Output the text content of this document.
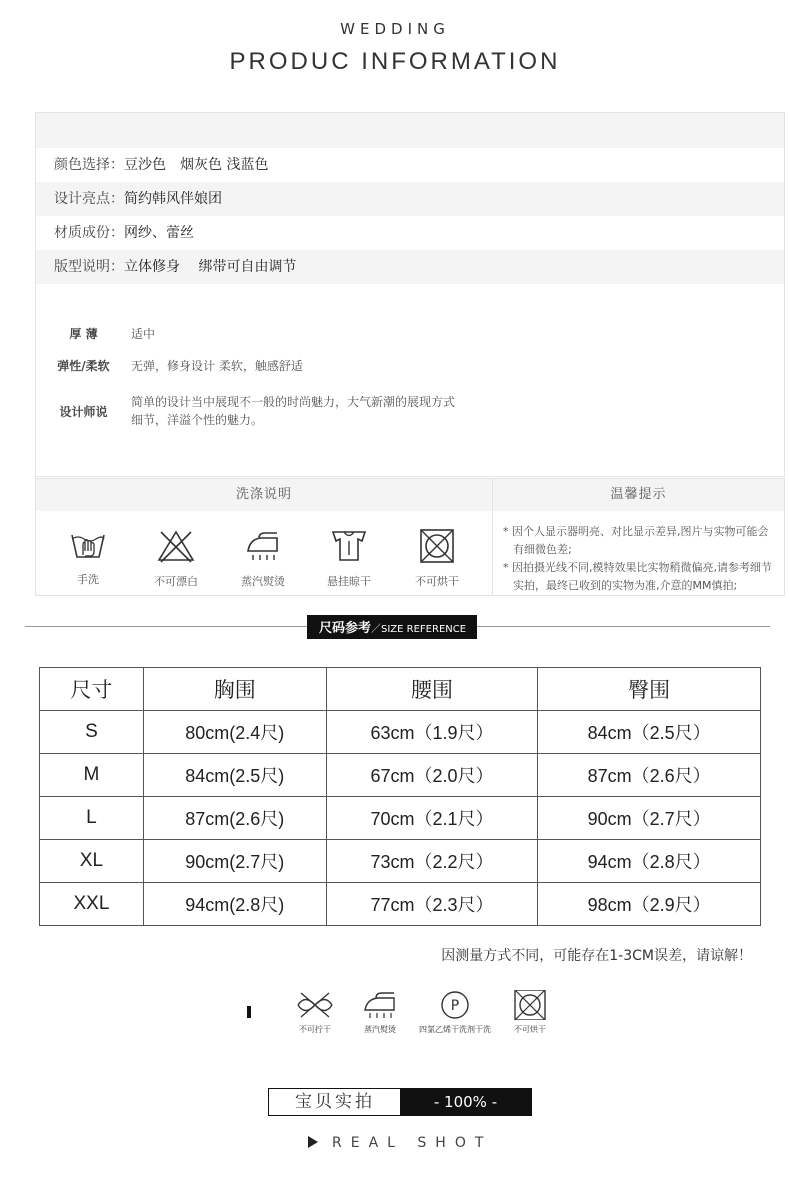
WEDDING
PRODUC INFORMATION
颜色选择：豆沙色　烟灰色 浅蓝色
设计亮点：简约韩风伴娘团
材质成份：网纱、蕾丝
版型说明：立体修身　 绑带可自由调节
厚 薄	适中
弹性/柔软	无弹，修身设计 柔软，触感舒适
设计师说
简单的设计当中展现不一般的时尚魅力，大气新潮的展现方式
细节，洋溢个性的魅力。
洗涤说明
手洗	不可漂白	蒸汽熨烫	悬挂晾干	不可烘干
温馨提示
* 因个人显示器明亮、对比显示差异,图片与实物可能会有细微色差;
* 因拍摄光线不同,模特效果比实物稍微偏亮,请参考细节实拍，最终已收到的实物为准,介意的MM慎拍;
尺码参考／SIZE REFERENCE
尺寸	胸围	腰围	臀围
S	80cm(2.4尺)	63cm（1.9尺）	84cm（2.5尺）
M	84cm(2.5尺)	67cm（2.0尺）	87cm（2.6尺）
L	87cm(2.6尺)	70cm（2.1尺）	90cm（2.7尺）
XL	90cm(2.7尺)	73cm（2.2尺）	94cm（2.8尺）
XXL	94cm(2.8尺)	77cm（2.3尺）	98cm（2.9尺）
因测量方式不同，可能存在1-3CM误差，请谅解！
不可拧干	蒸汽熨烫
P
四氯乙烯干洗剂干洗	不可烘干
宝贝实拍	- 100% -
REAL SHOT
